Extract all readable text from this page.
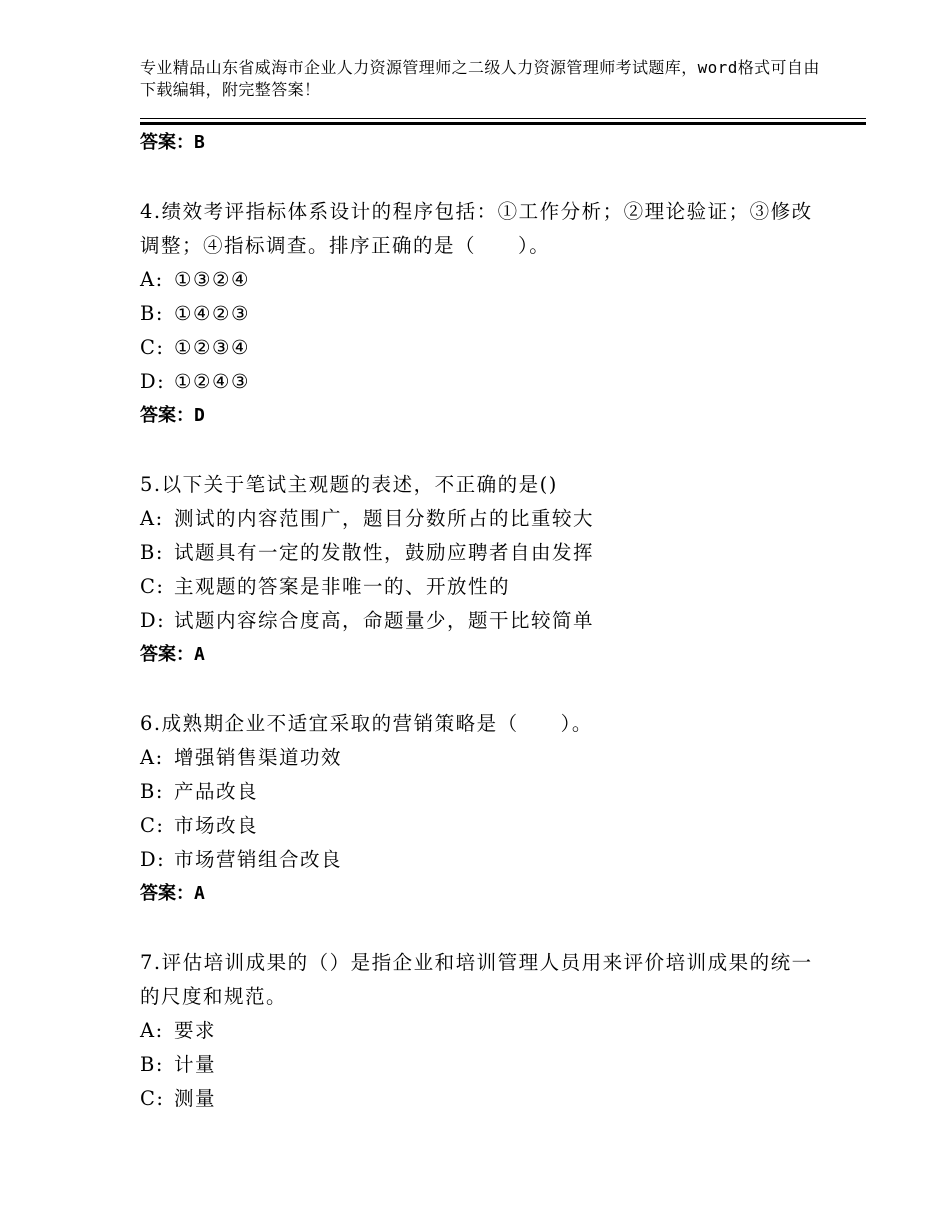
专业精品山东省威海市企业人力资源管理师之二级人力资源管理师考试题库，word格式可自由下载编辑，附完整答案！

答案：B

4.绩效考评指标体系设计的程序包括：①工作分析；②理论验证；③修改调整；④指标调查。排序正确的是（　　）。

A: ①③②④

B: ①④②③

C: ①②③④

D: ①②④③

答案：D

5.以下关于笔试主观题的表述，不正确的是()

A: 测试的内容范围广，题目分数所占的比重较大

B: 试题具有一定的发散性，鼓励应聘者自由发挥

C: 主观题的答案是非唯一的、开放性的

D: 试题内容综合度高，命题量少，题干比较简单

答案：A

6.成熟期企业不适宜采取的营销策略是（　　）。

A: 增强销售渠道功效

B: 产品改良

C: 市场改良

D: 市场营销组合改良

答案：A

7.评估培训成果的（）是指企业和培训管理人员用来评价培训成果的统一的尺度和规范。

A: 要求

B: 计量

C: 测量
